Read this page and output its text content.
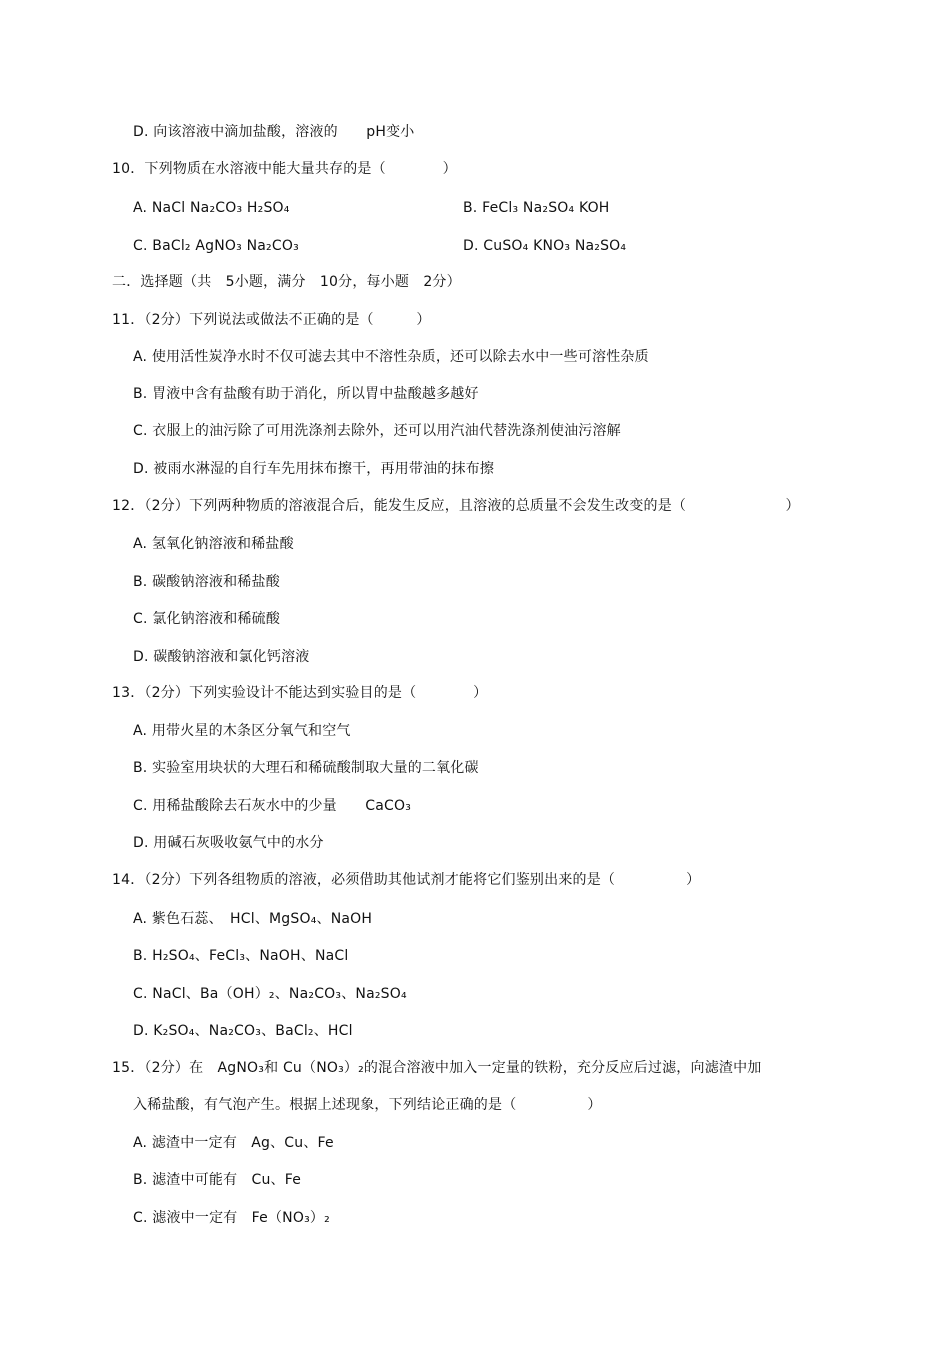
D. 向该溶液中滴加盐酸，溶液的　　pH变小
10．下列物质在水溶液中能大量共存的是（　　　　）
A. NaCl Na₂CO₃ H₂SO₄	B. FeCl₃ Na₂SO₄ KOH
C. BaCl₂ AgNO₃ Na₂CO₃	D. CuSO₄ KNO₃ Na₂SO₄
二．选择题（共　5小题，满分　10分，每小题　2分）
11．（2分）下列说法或做法不正确的是（　　　）
A. 使用活性炭净水时不仅可滤去其中不溶性杂质，还可以除去水中一些可溶性杂质
B. 胃液中含有盐酸有助于消化，所以胃中盐酸越多越好
C. 衣服上的油污除了可用洗涤剂去除外，还可以用汽油代替洗涤剂使油污溶解
D. 被雨水淋湿的自行车先用抹布擦干，再用带油的抹布擦
12．（2分）下列两种物质的溶液混合后，能发生反应，且溶液的总质量不会发生改变的是（　　　　　　　）
A. 氢氧化钠溶液和稀盐酸
B. 碳酸钠溶液和稀盐酸
C. 氯化钠溶液和稀硫酸
D. 碳酸钠溶液和氯化钙溶液
13．（2分）下列实验设计不能达到实验目的是（　　　　）
A. 用带火星的木条区分氧气和空气
B. 实验室用块状的大理石和稀硫酸制取大量的二氧化碳
C. 用稀盐酸除去石灰水中的少量　　CaCO₃
D. 用碱石灰吸收氨气中的水分
14．（2分）下列各组物质的溶液，必须借助其他试剂才能将它们鉴别出来的是（　　　　　）
A. 紫色石蕊、　HCl、MgSO₄、NaOH
B. H₂SO₄、FeCl₃、NaOH、NaCl
C. NaCl、Ba（OH）₂、Na₂CO₃、Na₂SO₄
D. K₂SO₄、Na₂CO₃、BaCl₂、HCl
15．（2分）在　AgNO₃和 Cu（NO₃）₂的混合溶液中加入一定量的铁粉，充分反应后过滤，向滤渣中加
入稀盐酸，有气泡产生。根据上述现象，下列结论正确的是（　　　　　）
A. 滤渣中一定有　Ag、Cu、Fe
B. 滤渣中可能有　Cu、Fe
C. 滤液中一定有　Fe（NO₃）₂
